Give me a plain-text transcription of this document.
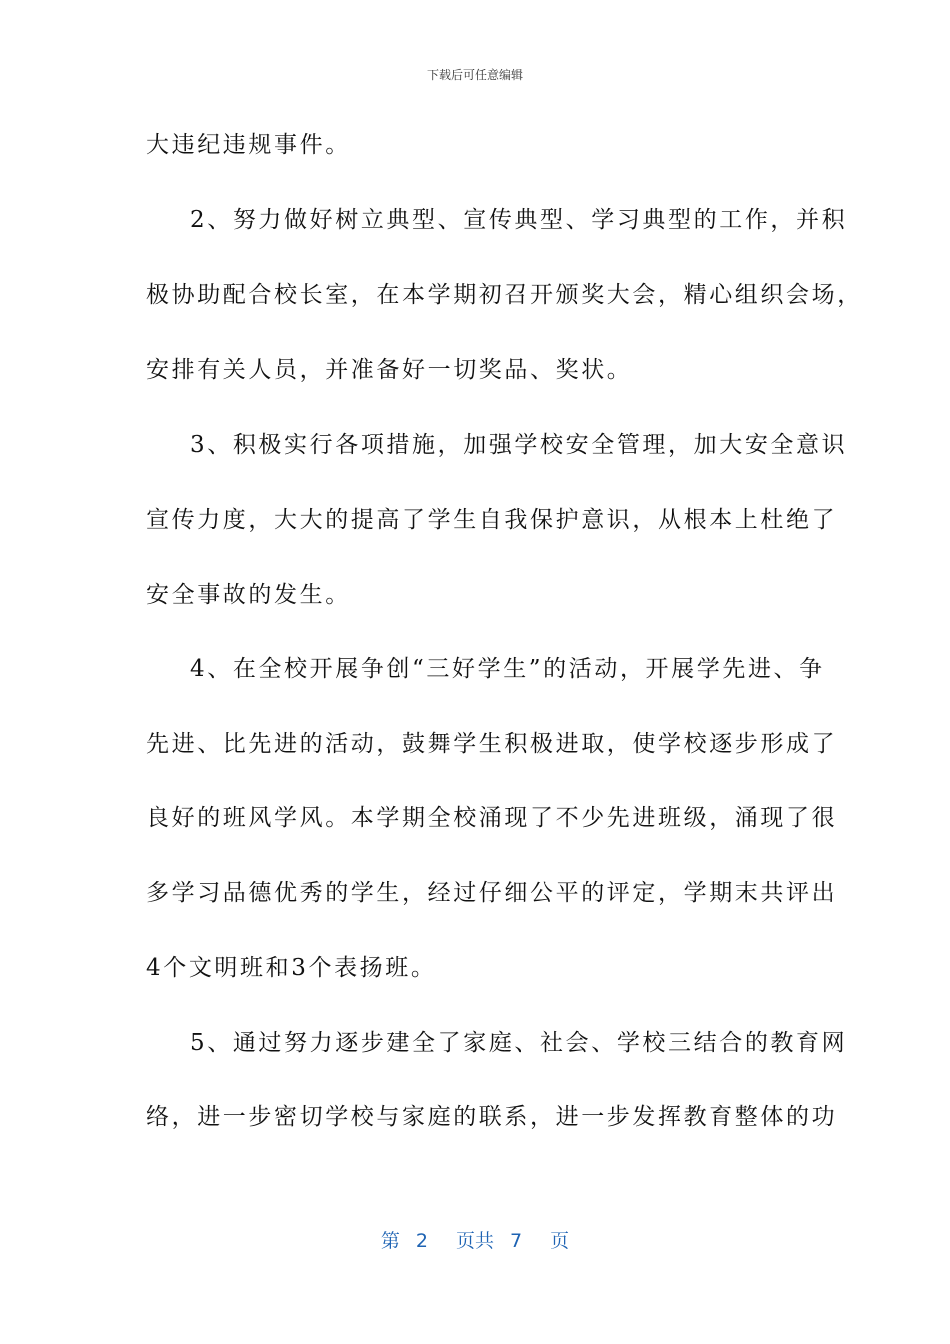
下载后可任意编辑
大违纪违规事件。
2、努力做好树立典型、宣传典型、学习典型的工作，并积
极协助配合校长室，在本学期初召开颁奖大会，精心组织会场，
安排有关人员，并准备好一切奖品、奖状。
3、积极实行各项措施，加强学校安全管理，加大安全意识
宣传力度，大大的提高了学生自我保护意识，从根本上杜绝了
安全事故的发生。
4、在全校开展争创“三好学生”的活动，开展学先进、争
先进、比先进的活动，鼓舞学生积极进取，使学校逐步形成了
良好的班风学风。本学期全校涌现了不少先进班级，涌现了很
多学习品德优秀的学生，经过仔细公平的评定，学期末共评出
4个文明班和3个表扬班。
5、通过努力逐步建全了家庭、社会、学校三结合的教育网
络，进一步密切学校与家庭的联系，进一步发挥教育整体的功
第 2 页共 7 页
